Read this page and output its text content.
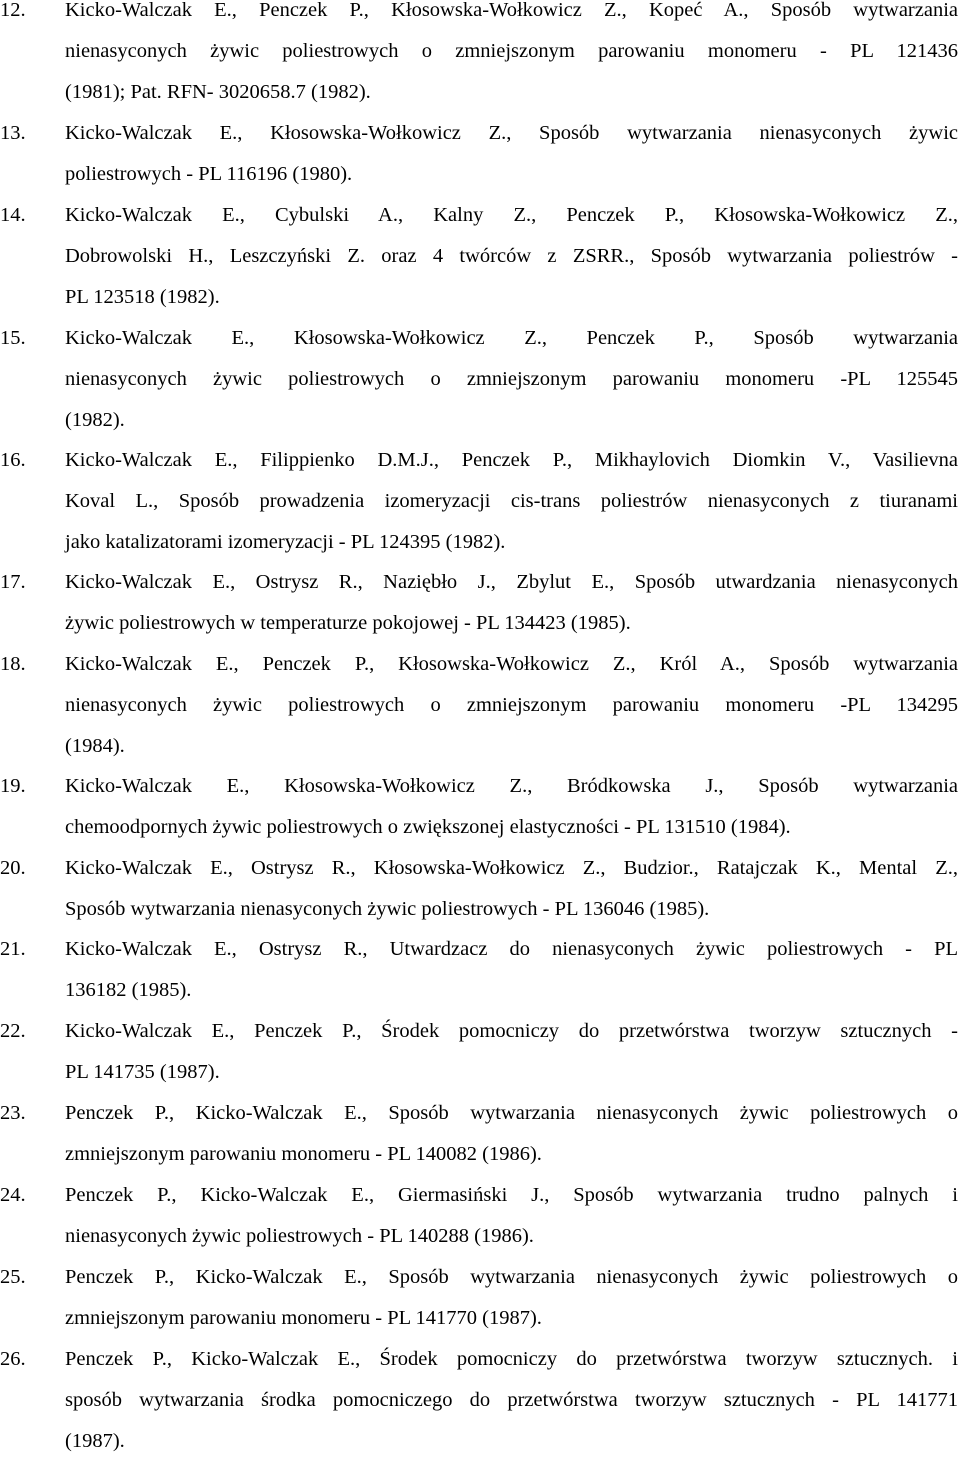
12. Kicko-Walczak E., Penczek P., Kłosowska-Wołkowicz Z., Kopeć A., Sposób wytwarzania
nienasyconych żywic poliestrowych o zmniejszonym parowaniu monomeru - PL 121436
(1981); Pat. RFN- 3020658.7 (1982).
13. Kicko-Walczak E., Kłosowska-Wołkowicz Z., Sposób wytwarzania nienasyconych żywic
poliestrowych - PL 116196 (1980).
14. Kicko-Walczak E., Cybulski A., Kalny Z., Penczek P., Kłosowska-Wołkowicz Z.,
Dobrowolski H., Leszczyński Z. oraz 4 twórców z ZSRR., Sposób wytwarzania poliestrów -
PL 123518 (1982).
15. Kicko-Walczak E., Kłosowska-Wołkowicz Z., Penczek P., Sposób wytwarzania
nienasyconych żywic poliestrowych o zmniejszonym parowaniu monomeru -PL 125545
(1982).
16. Kicko-Walczak E., Filippienko D.M.J., Penczek P., Mikhaylovich Diomkin V., Vasilievna
Koval L., Sposób prowadzenia izomeryzacji cis-trans poliestrów nienasyconych z tiuranami
jako katalizatorami izomeryzacji - PL 124395 (1982).
17. Kicko-Walczak E., Ostrysz R., Naziębło J., Zbylut E., Sposób utwardzania nienasyconych
żywic poliestrowych w temperaturze pokojowej - PL 134423 (1985).
18. Kicko-Walczak E., Penczek P., Kłosowska-Wołkowicz Z., Król A., Sposób wytwarzania
nienasyconych żywic poliestrowych o zmniejszonym parowaniu monomeru -PL 134295
(1984).
19. Kicko-Walczak E., Kłosowska-Wołkowicz Z., Bródkowska J., Sposób wytwarzania
chemoodpornych żywic poliestrowych o zwiększonej elastyczności - PL 131510 (1984).
20. Kicko-Walczak E., Ostrysz R., Kłosowska-Wołkowicz Z., Budzior., Ratajczak K., Mental Z.,
Sposób wytwarzania nienasyconych żywic poliestrowych - PL 136046 (1985).
21. Kicko-Walczak E., Ostrysz R., Utwardzacz do nienasyconych żywic poliestrowych - PL
136182 (1985).
22. Kicko-Walczak E., Penczek P., Środek pomocniczy do przetwórstwa tworzyw sztucznych -
PL 141735 (1987).
23. Penczek P., Kicko-Walczak E., Sposób wytwarzania nienasyconych żywic poliestrowych o
zmniejszonym parowaniu monomeru - PL 140082 (1986).
24. Penczek P., Kicko-Walczak E., Giermasiński J., Sposób wytwarzania trudno palnych i
nienasyconych żywic poliestrowych - PL 140288 (1986).
25. Penczek P., Kicko-Walczak E., Sposób wytwarzania nienasyconych żywic poliestrowych o
zmniejszonym parowaniu monomeru - PL 141770 (1987).
26. Penczek P., Kicko-Walczak E., Środek pomocniczy do przetwórstwa tworzyw sztucznych. i
sposób wytwarzania środka pomocniczego do przetwórstwa tworzyw sztucznych - PL 141771
(1987).
